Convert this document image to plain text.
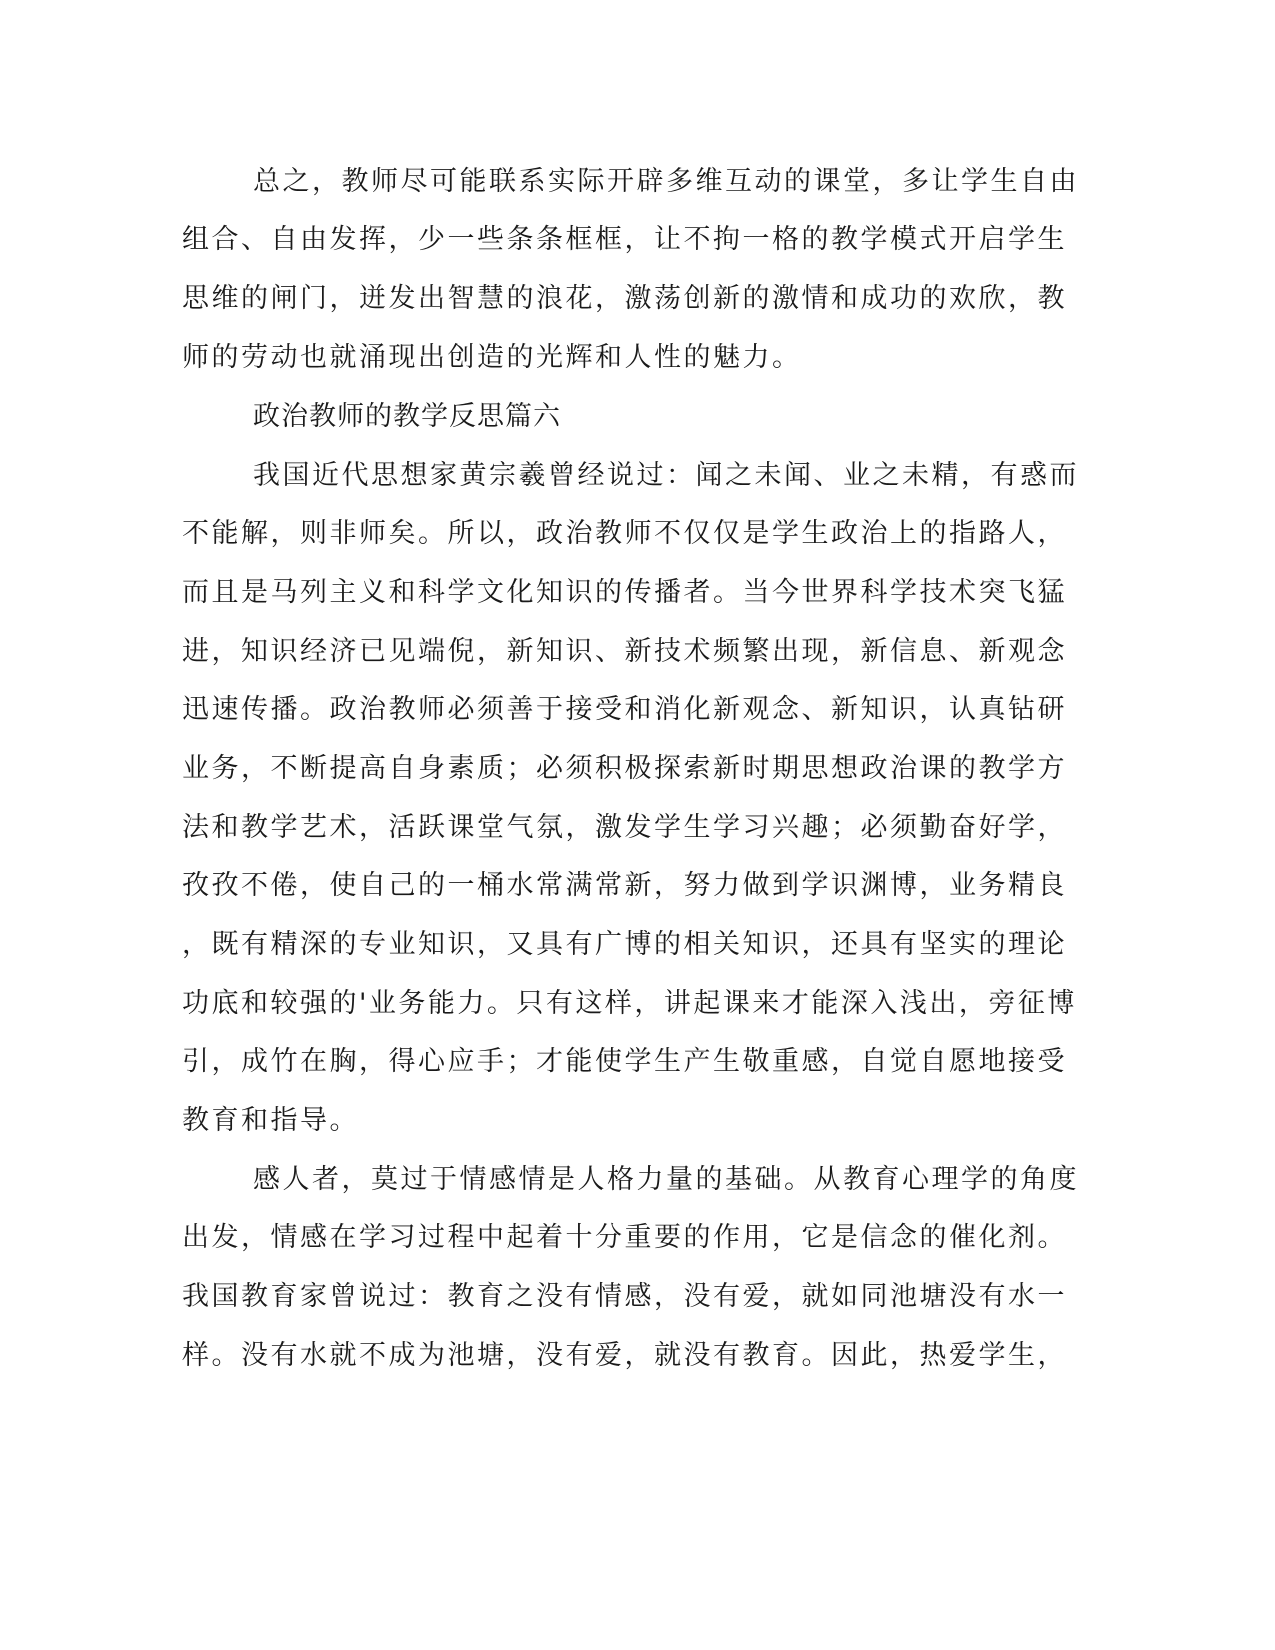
总之，教师尽可能联系实际开辟多维互动的课堂，多让学生自由

组合、自由发挥，少一些条条框框，让不拘一格的教学模式开启学生

思维的闸门，迸发出智慧的浪花，激荡创新的激情和成功的欢欣，教

师的劳动也就涌现出创造的光辉和人性的魅力。

政治教师的教学反思篇六

我国近代思想家黄宗羲曾经说过：闻之未闻、业之未精，有惑而

不能解，则非师矣。所以，政治教师不仅仅是学生政治上的指路人，

而且是马列主义和科学文化知识的传播者。当今世界科学技术突飞猛

进，知识经济已见端倪，新知识、新技术频繁出现，新信息、新观念

迅速传播。政治教师必须善于接受和消化新观念、新知识，认真钻研

业务，不断提高自身素质；必须积极探索新时期思想政治课的教学方

法和教学艺术，活跃课堂气氛，激发学生学习兴趣；必须勤奋好学，

孜孜不倦，使自己的一桶水常满常新，努力做到学识渊博，业务精良

，既有精深的专业知识，又具有广博的相关知识，还具有坚实的理论

功底和较强的'业务能力。只有这样，讲起课来才能深入浅出，旁征博

引，成竹在胸，得心应手；才能使学生产生敬重感，自觉自愿地接受

教育和指导。

感人者，莫过于情感情是人格力量的基础。从教育心理学的角度

出发，情感在学习过程中起着十分重要的作用，它是信念的催化剂。

我国教育家曾说过：教育之没有情感，没有爱，就如同池塘没有水一

样。没有水就不成为池塘，没有爱，就没有教育。因此，热爱学生，
